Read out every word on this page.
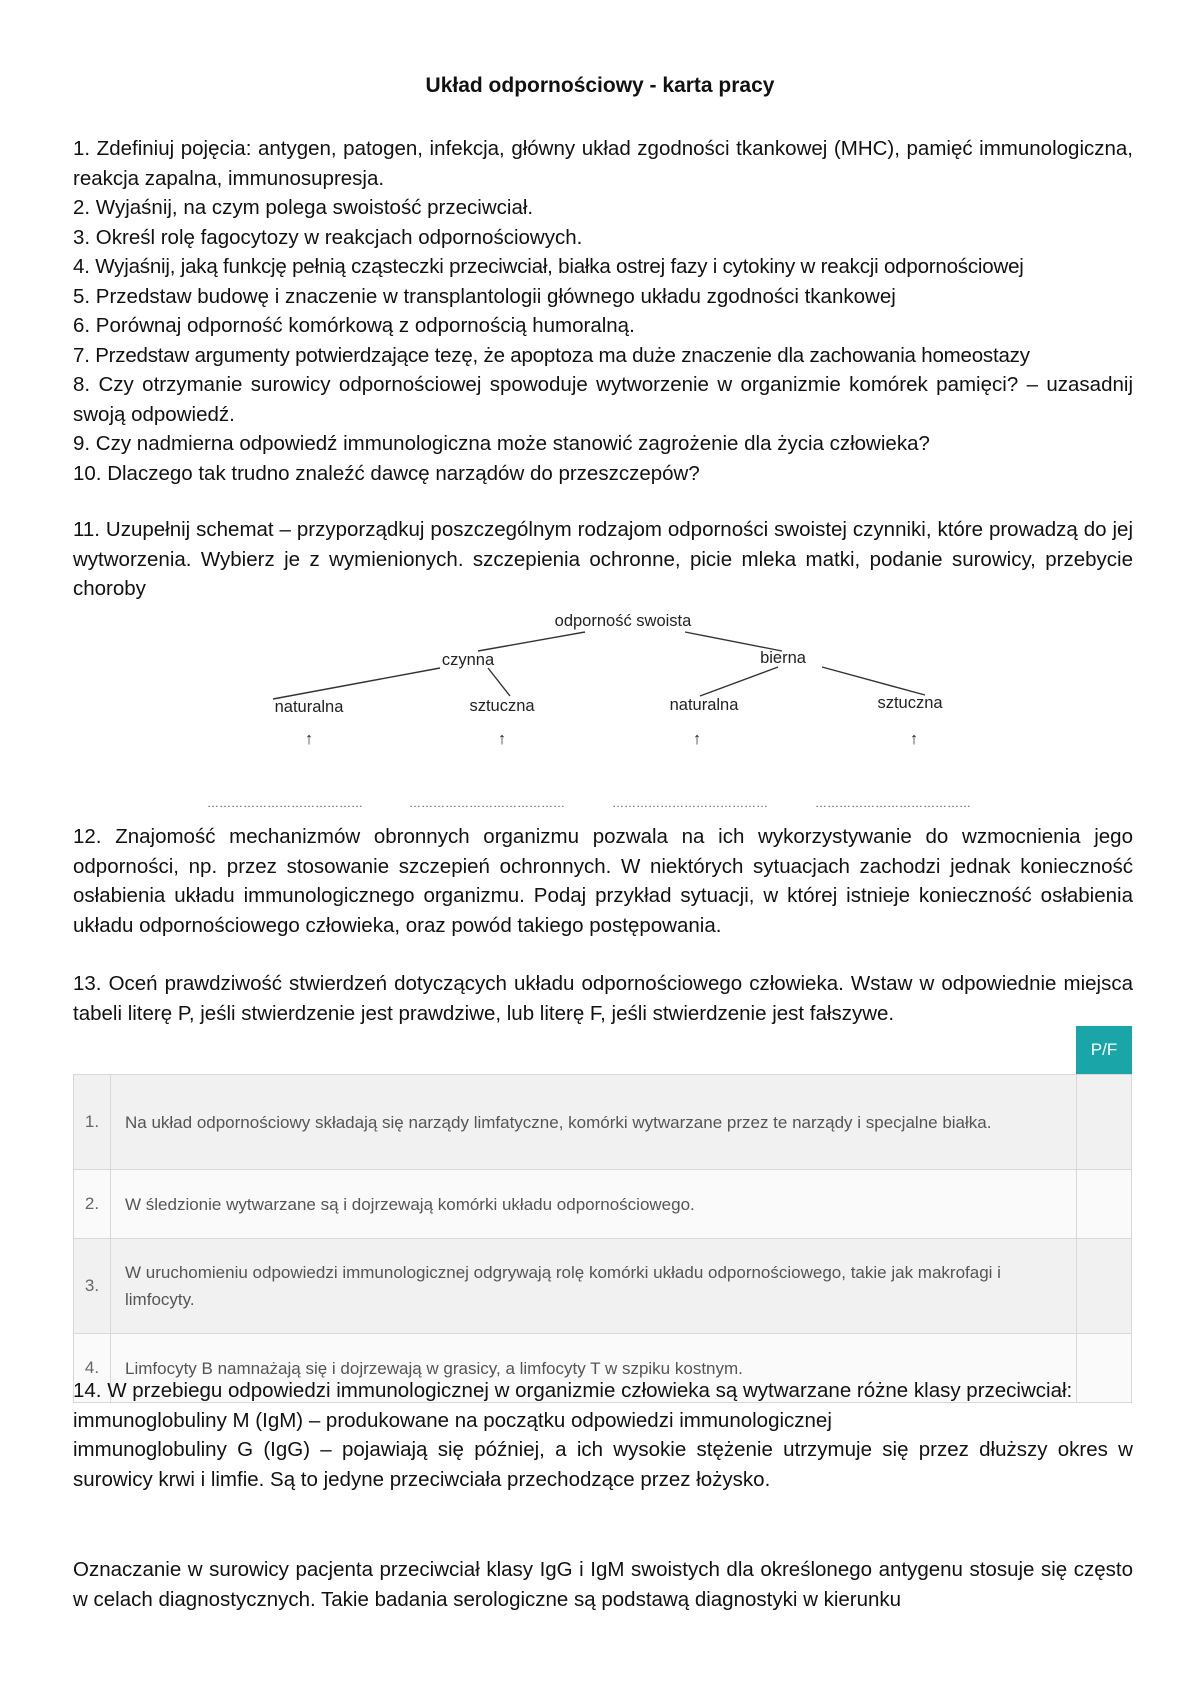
Układ odpornościowy - karta pracy
1. Zdefiniuj pojęcia: antygen, patogen, infekcja, główny układ zgodności tkankowej (MHC), pamięć immunologiczna, reakcja zapalna, immunosupresja.
2. Wyjaśnij, na czym polega swoistość przeciwciał.
3. Określ rolę fagocytozy w reakcjach odpornościowych.
4. Wyjaśnij, jaką funkcję pełnią cząsteczki przeciwciał, białka ostrej fazy i cytokiny w reakcji odpornościowej
5. Przedstaw budowę i znaczenie w transplantologii głównego układu zgodności tkankowej
6. Porównaj odporność komórkową z odpornością humoralną.
7. Przedstaw argumenty potwierdzające tezę, że apoptoza ma duże znaczenie dla zachowania homeostazy
8. Czy otrzymanie surowicy odpornościowej spowoduje wytworzenie w organizmie komórek pamięci? – uzasadnij swoją odpowiedź.
9. Czy nadmierna odpowiedź immunologiczna może stanowić zagrożenie dla życia człowieka?
10. Dlaczego tak trudno znaleźć dawcę narządów do przeszczepów?

11. Uzupełnij schemat – przyporządkuj poszczególnym rodzajom odporności swoistej czynniki, które prowadzą do jej wytworzenia. Wybierz je z wymienionych. szczepienia ochronne, picie mleka matki, podanie surowicy, przebycie choroby

odporność swoista
czynna	bierna
naturalna	sztuczna	naturalna	sztuczna
↑	↑	↑	↑
…………………………………	…………………………………	…………………………………	…………………………………

12. Znajomość mechanizmów obronnych organizmu pozwala na ich wykorzystywanie do wzmocnienia jego odporności, np. przez stosowanie szczepień ochronnych. W niektórych sytuacjach zachodzi jednak konieczność osłabienia układu immunologicznego organizmu. Podaj przykład sytuacji, w której istnieje konieczność osłabienia układu odpornościowego człowieka, oraz powód takiego postępowania.

13. Oceń prawdziwość stwierdzeń dotyczących układu odpornościowego człowieka. Wstaw w odpowiednie miejsca tabeli literę P, jeśli stwierdzenie jest prawdziwe, lub literę F, jeśli stwierdzenie jest fałszywe.

P/F
1.	Na układ odpornościowy składają się narządy limfatyczne, komórki wytwarzane przez te narządy i specjalne białka.	
2.	W śledzionie wytwarzane są i dojrzewają komórki układu odpornościowego.	
3.	W uruchomieniu odpowiedzi immunologicznej odgrywają rolę komórki układu odpornościowego, takie jak makrofagi i limfocyty.	
4.	Limfocyty B namnażają się i dojrzewają w grasicy, a limfocyty T w szpiku kostnym.	
14. W przebiegu odpowiedzi immunologicznej w organizmie człowieka są wytwarzane różne klasy przeciwciał:
immunoglobuliny M (IgM) – produkowane na początku odpowiedzi immunologicznej
immunoglobuliny G (IgG) – pojawiają się później, a ich wysokie stężenie utrzymuje się przez dłuższy okres w surowicy krwi i limfie. Są to jedyne przeciwciała przechodzące przez łożysko.

Oznaczanie w surowicy pacjenta przeciwciał klasy IgG i IgM swoistych dla określonego antygenu stosuje się często w celach diagnostycznych. Takie badania serologiczne są podstawą diagnostyki w kierunku
